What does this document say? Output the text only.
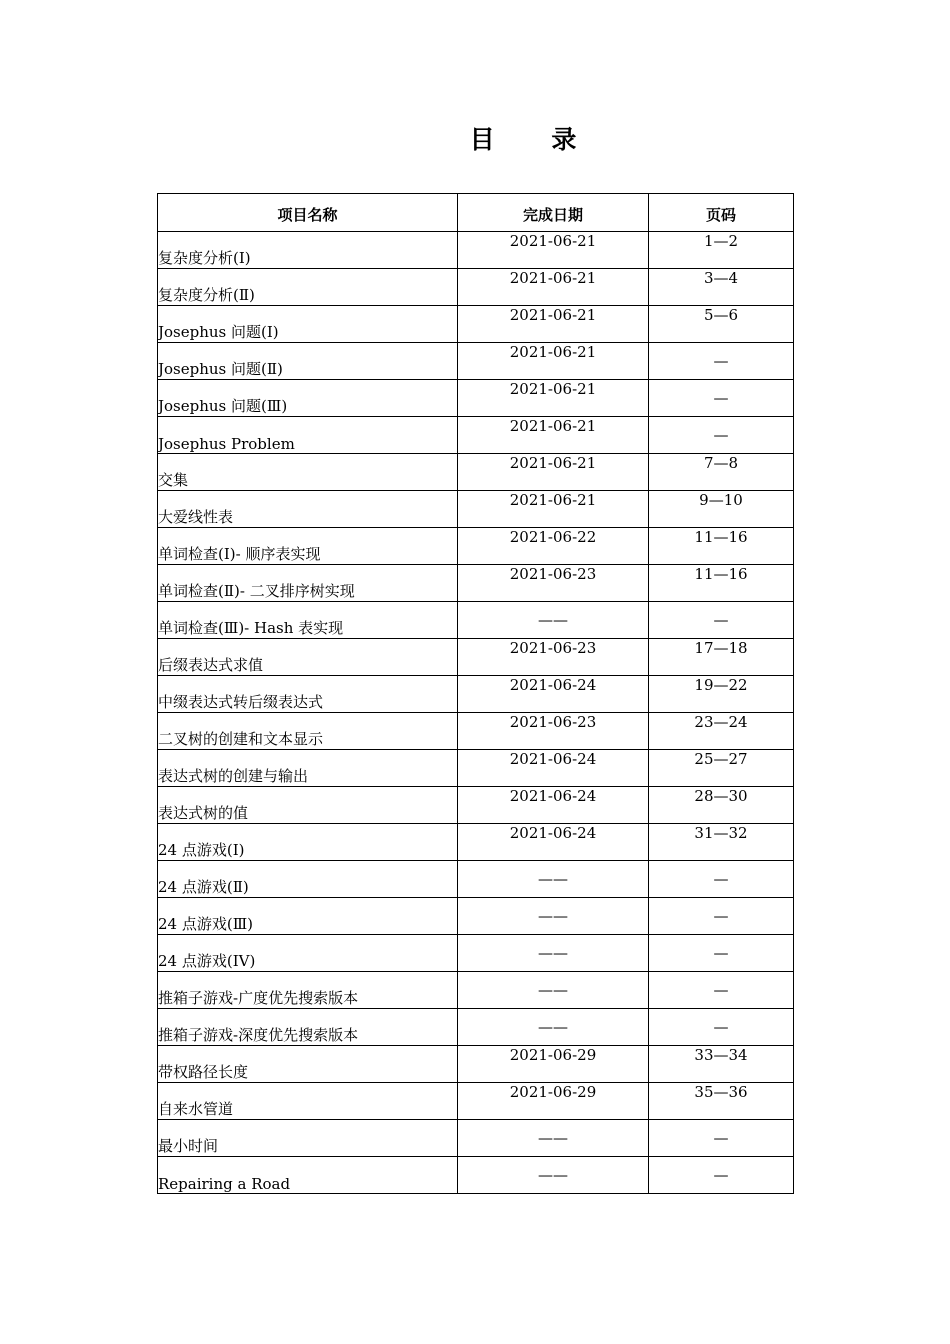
目 录
项目名称	完成日期	页码
复杂度分析(Ⅰ)	2021-06-21	1—2
复杂度分析(Ⅱ)	2021-06-21	3—4
Josephus 问题(Ⅰ)	2021-06-21	5—6
Josephus 问题(Ⅱ)	2021-06-21	—
Josephus 问题(Ⅲ)	2021-06-21	—
Josephus Problem	2021-06-21	—
交集	2021-06-21	7—8
大爱线性表	2021-06-21	9—10
单词检查(Ⅰ)- 顺序表实现	2021-06-22	11—16
单词检查(Ⅱ)- 二叉排序树实现	2021-06-23	11—16
单词检查(Ⅲ)- Hash 表实现	——	—
后缀表达式求值	2021-06-23	17—18
中缀表达式转后缀表达式	2021-06-24	19—22
二叉树的创建和文本显示	2021-06-23	23—24
表达式树的创建与输出	2021-06-24	25—27
表达式树的值	2021-06-24	28—30
24 点游戏(Ⅰ)	2021-06-24	31—32
24 点游戏(Ⅱ)	——	—
24 点游戏(Ⅲ)	——	—
24 点游戏(IV)	——	—
推箱子游戏-广度优先搜索版本	——	—
推箱子游戏-深度优先搜索版本	——	—
带权路径长度	2021-06-29	33—34
自来水管道	2021-06-29	35—36
最小时间	——	—
Repairing a Road	——	—
